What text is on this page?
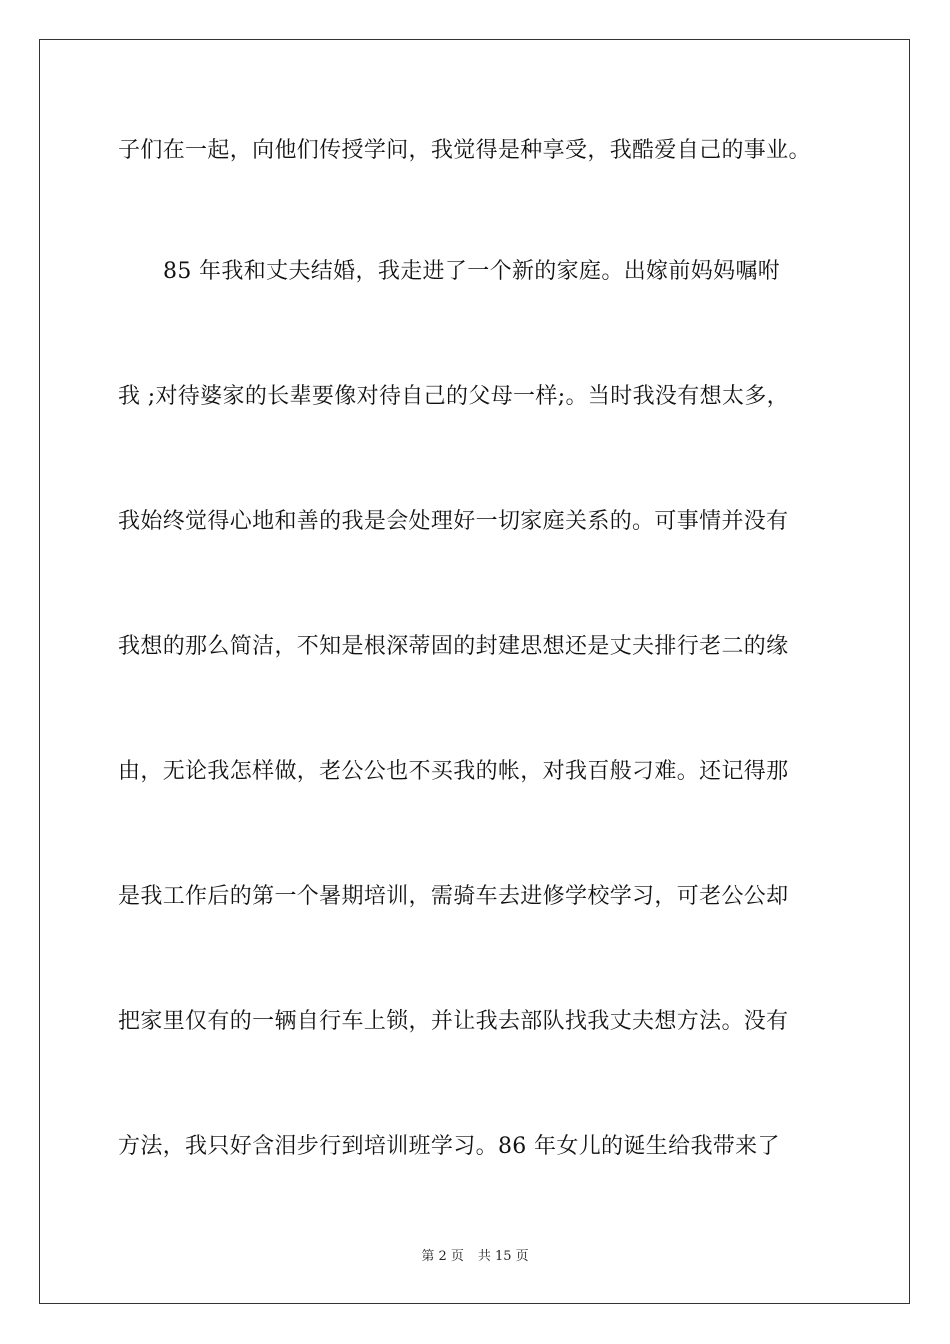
子们在一起，向他们传授学问，我觉得是种享受，我酷爱自己的事业。
85 年我和丈夫结婚，我走进了一个新的家庭。出嫁前妈妈嘱咐
我 ;对待婆家的长辈要像对待自己的父母一样;。当时我没有想太多，
我始终觉得心地和善的我是会处理好一切家庭关系的。可事情并没有
我想的那么简洁，不知是根深蒂固的封建思想还是丈夫排行老二的缘
由，无论我怎样做，老公公也不买我的帐，对我百般刁难。还记得那
是我工作后的第一个暑期培训，需骑车去进修学校学习，可老公公却
把家里仅有的一辆自行车上锁，并让我去部队找我丈夫想方法。没有
方法，我只好含泪步行到培训班学习。86 年女儿的诞生给我带来了
第 2 页 共 15 页
